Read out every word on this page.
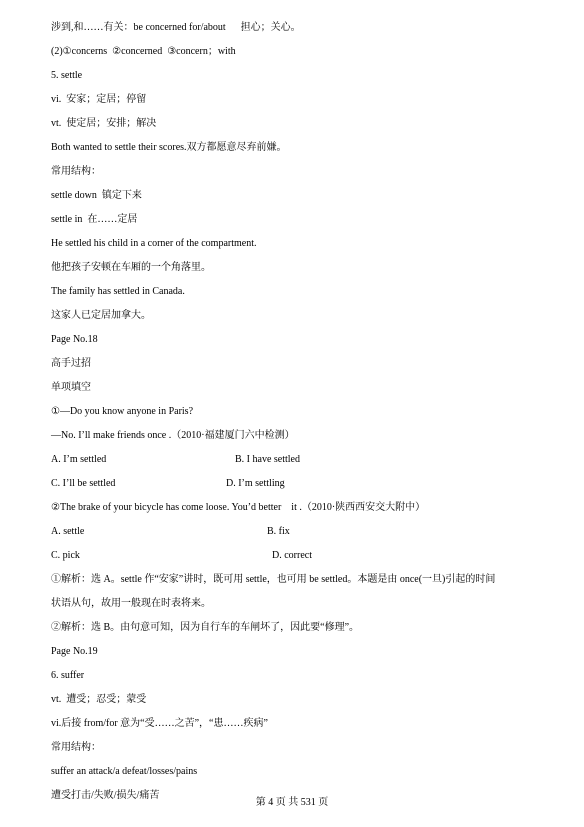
涉到,和……有关：be concerned for/about      担心；关心。
(2)①concerns  ②concerned  ③concern；with
5. settle
vi.  安家；定居；停留
vt.  使定居；安排；解决
Both wanted to settle their scores.双方都愿意尽弃前嫌。
常用结构：
settle down  镇定下来
settle in  在……定居
He settled his child in a corner of the compartment.
他把孩子安顿在车厢的一个角落里。
The family has settled in Canada.
这家人已定居加拿大。
Page No.18
高手过招
单项填空
①—Do you know anyone in Paris?
—No. I’ll make friends once .（2010·福建厦门六中检测）
A. I’m settled	B. I have settled
C. I’ll be settled	D. I’m settling
②The brake of your bicycle has come loose. You’d better    it .（2010·陕西西安交大附中）
A. settle	B. fix
C. pick	D. correct
①解析：选 A。settle 作“安家”讲时，既可用 settle，也可用 be settled。本题是由 once(一旦)引起的时间
状语从句，故用一般现在时表将来。
②解析：选 B。由句意可知，因为自行车的车闸坏了，因此要“修理”。
Page No.19
6. suffer
vt.  遭受；忍受；蒙受
vi.后接 from/for 意为“受……之苦”，“患……疾病”
常用结构：
suffer an attack/a defeat/losses/pains
遭受打击/失败/损失/痛苦
第 4 页 共 531 页
